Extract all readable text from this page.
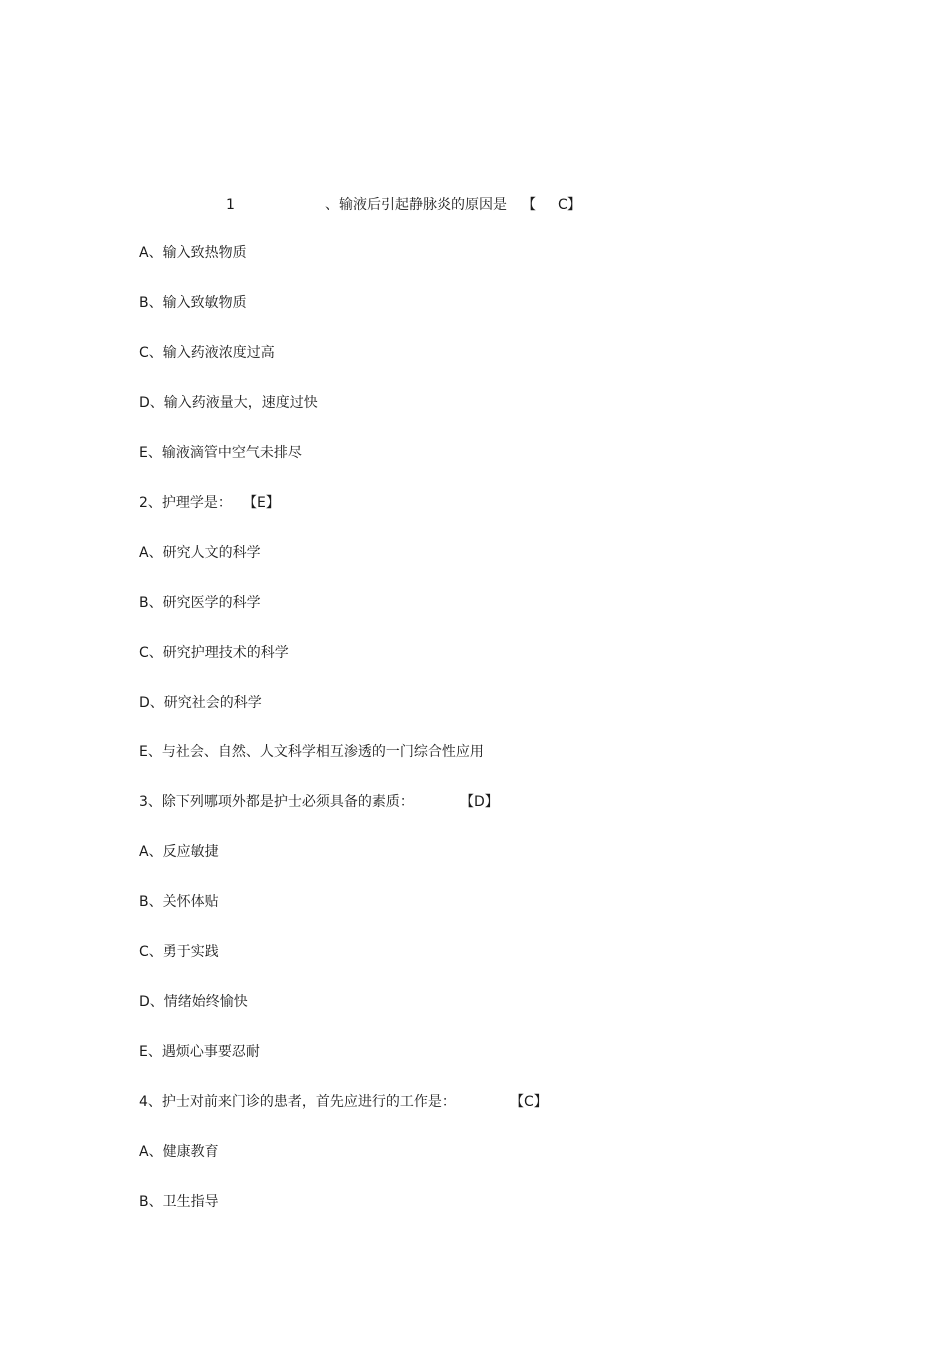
1	、输液后引起静脉炎的原因是 【 C 】
A、输入致热物质
B、输入致敏物质
C、输入药液浓度过高
D、输入药液量大，速度过快
E、输液滴管中空气未排尽
2、护理学是： 【E】
A、研究人文的科学
B、研究医学的科学
C、研究护理技术的科学
D、研究社会的科学
E、与社会、自然、人文科学相互渗透的一门综合性应用
3、除下列哪项外都是护士必须具备的素质：	【D】
A、反应敏捷
B、关怀体贴
C、勇于实践
D、情绪始终愉快
E、遇烦心事要忍耐
4、护士对前来门诊的患者，首先应进行的工作是：	【C】
A、健康教育
B、卫生指导
